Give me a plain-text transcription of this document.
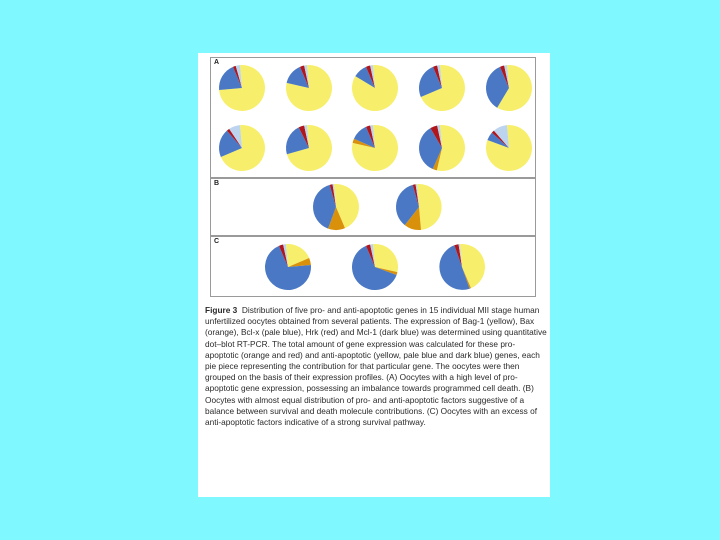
A
B
C

Figure 3 Distribution of five pro- and anti-apoptotic genes in 15 individual MII stage human unfertilized oocytes obtained from several patients. The expression of Bag-1 (yellow), Bax (orange), Bcl-x (pale blue), Hrk (red) and Mcl-1 (dark blue) was determined using quantitative dot–blot RT-PCR. The total amount of gene expression was calculated for these pro-apoptotic (orange and red) and anti-apoptotic (yellow, pale blue and dark blue) genes, each pie piece representing the contribution for that particular gene. The oocytes were then grouped on the basis of their expression profiles. (A) Oocytes with a high level of pro-apoptotic gene expression, possessing an imbalance towards programmed cell death. (B) Oocytes with almost equal distribution of pro- and anti-apoptotic factors suggestive of a balance between survival and death molecule contributions. (C) Oocytes with an excess of anti-apoptotic factors indicative of a strong survival pathway.
